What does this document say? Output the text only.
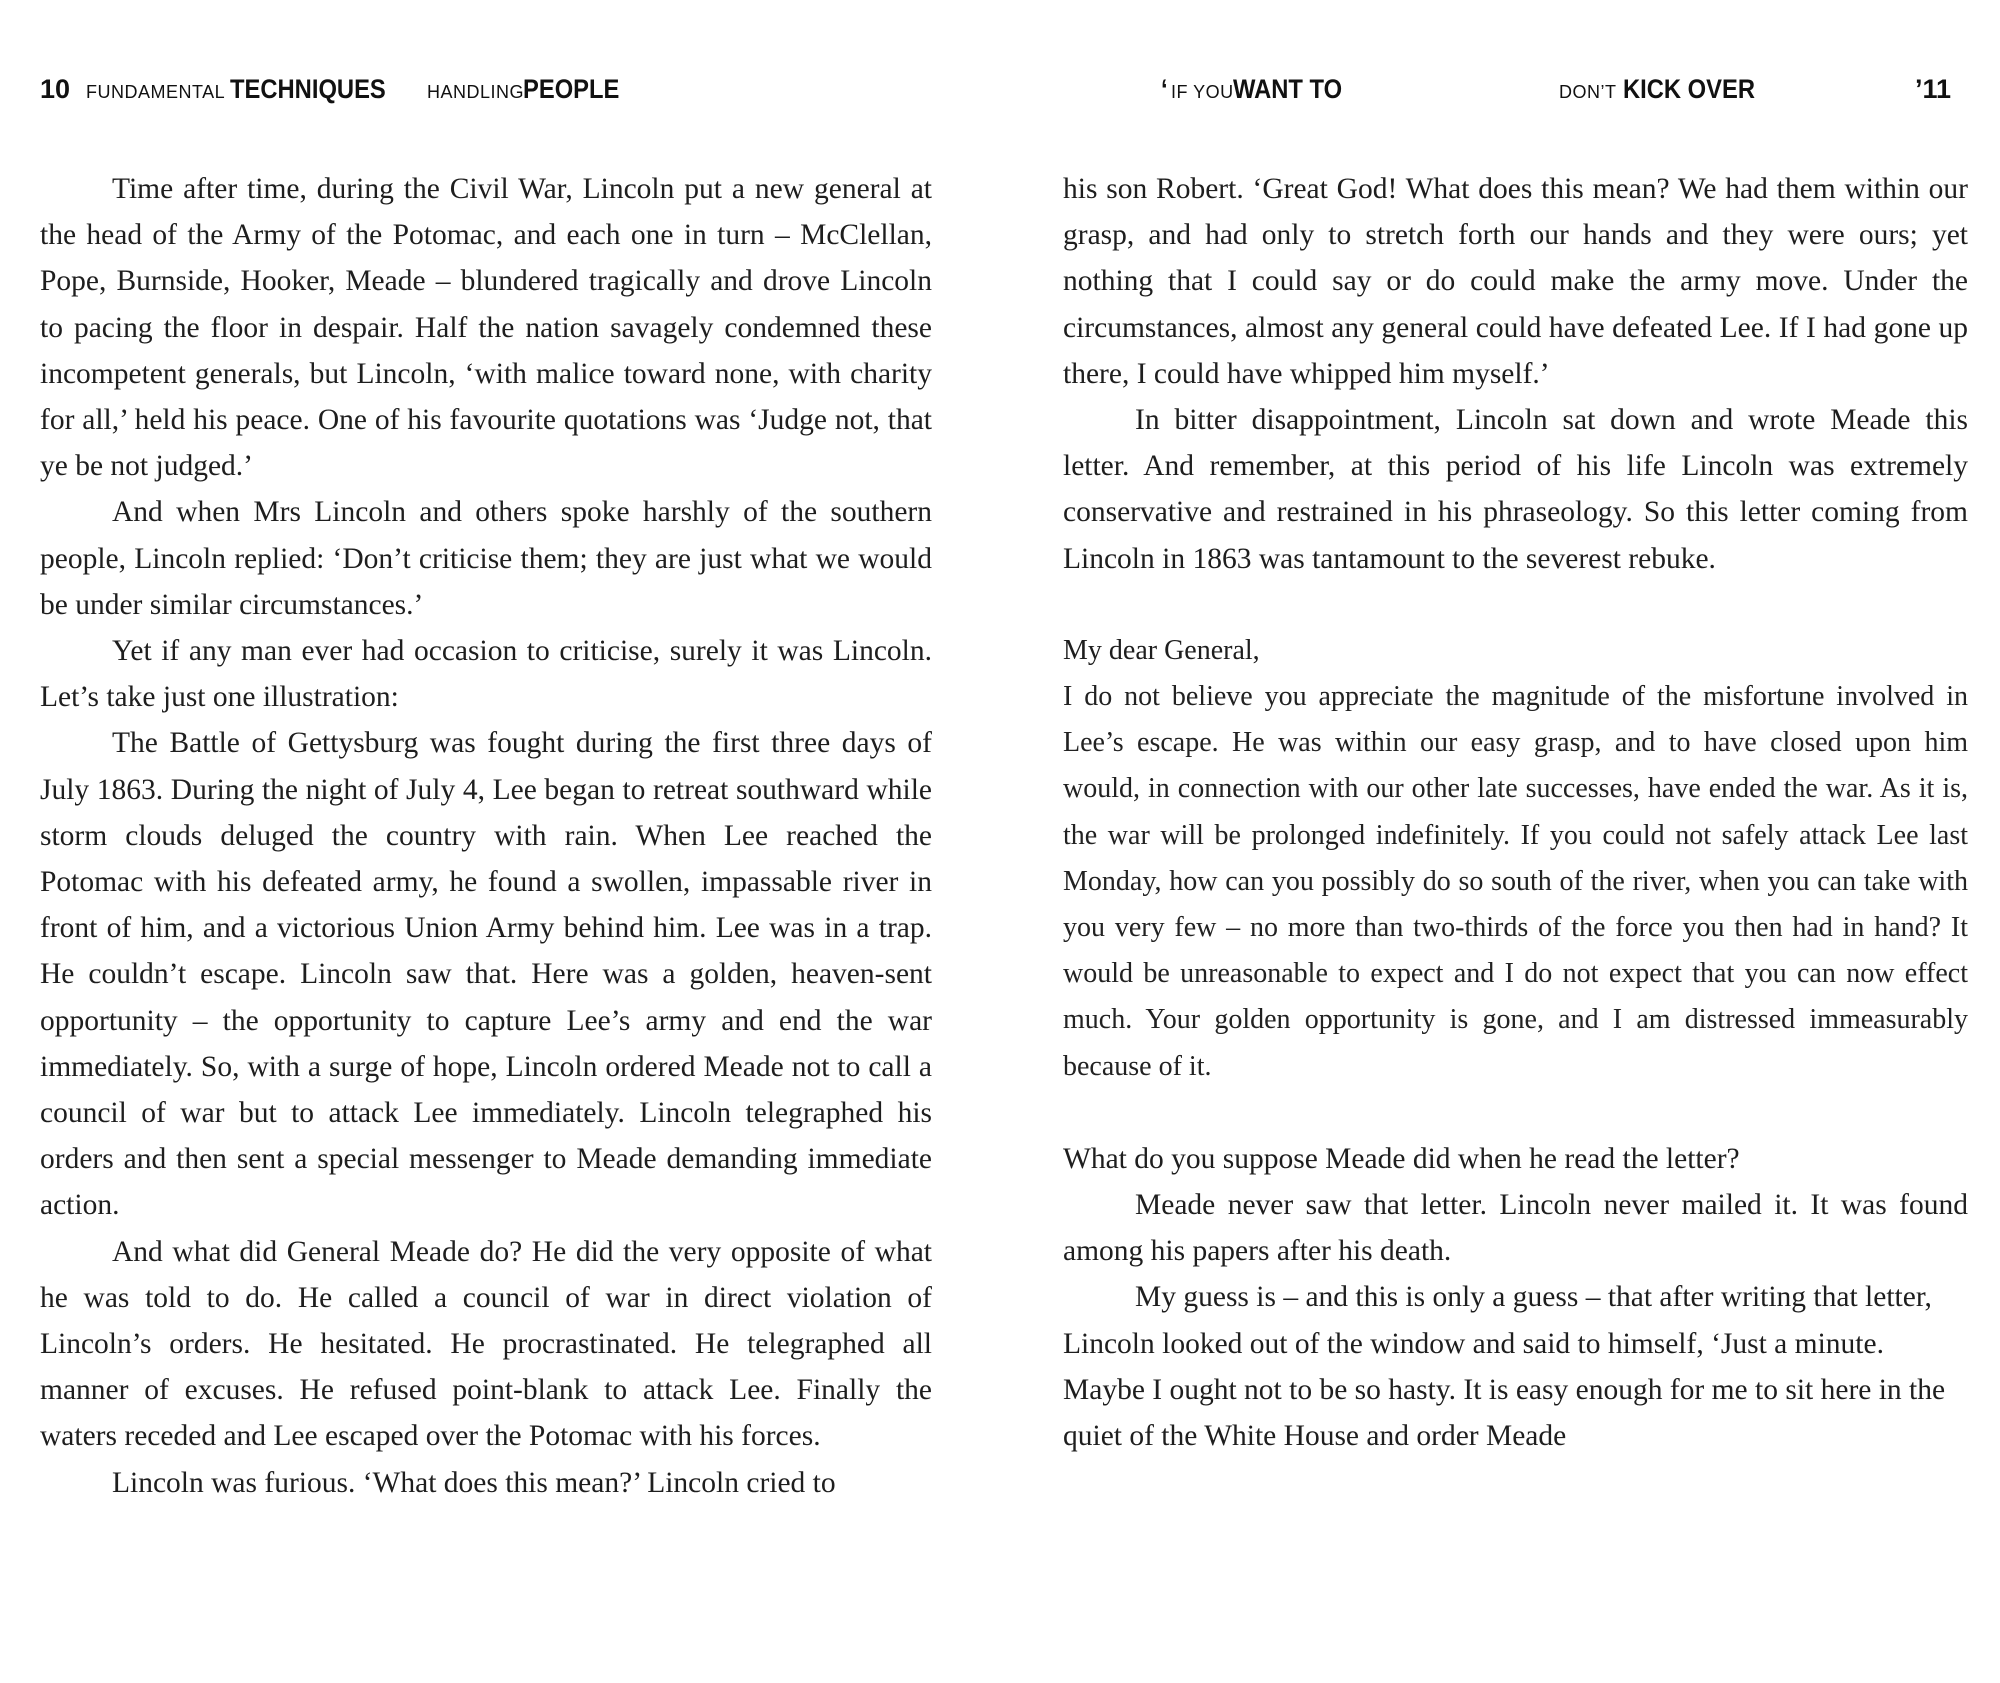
10 FUNDAMENTAL TECHNIQUES HANDLING
PEOPLE

Time after time, during the Civil War, Lincoln put a new general at the head of the Army of the Potomac, and each one in turn – McClellan, Pope, Burnside, Hooker, Meade – blundered tragically and drove Lincoln to pacing the floor in despair. Half the nation savagely condemned these incompetent generals, but Lincoln, ‘with malice toward none, with charity for all,’ held his peace. One of his favourite quotations was ‘Judge not, that ye be not judged.’

And when Mrs Lincoln and others spoke harshly of the southern people, Lincoln replied: ‘Don’t criticise them; they are just what we would be under similar circumstances.’

Yet if any man ever had occasion to criticise, surely it was Lincoln. Let’s take just one illustration:

The Battle of Gettysburg was fought during the first three days of July 1863. During the night of July 4, Lee began to retreat southward while storm clouds deluged the country with rain. When Lee reached the Potomac with his defeated army, he found a swollen, impassable river in front of him, and a victorious Union Army behind him. Lee was in a trap. He couldn’t escape. Lincoln saw that. Here was a golden, heaven-sent opportunity – the opportunity to capture Lee’s army and end the war immediately. So, with a surge of hope, Lincoln ordered Meade not to call a council of war but to attack Lee immediately. Lincoln telegraphed his orders and then sent a special messenger to Meade demanding immediate action.

And what did General Meade do? He did the very opposite of what he was told to do. He called a council of war in direct violation of Lincoln’s orders. He hesitated. He procrastinated. He telegraphed all manner of excuses. He refused point-blank to attack Lee. Finally the waters receded and Lee escaped over the Potomac with his forces.

Lincoln was furious. ‘What does this mean?’ Lincoln cried to

‘ IF YOU WANT TO	DON’T KICK OVER	’11

his son Robert. ‘Great God! What does this mean? We had them within our grasp, and had only to stretch forth our hands and they were ours; yet nothing that I could say or do could make the army move. Under the circumstances, almost any general could have defeated Lee. If I had gone up there, I could have whipped him myself.’

In bitter disappointment, Lincoln sat down and wrote Meade this letter. And remember, at this period of his life Lincoln was extremely conservative and restrained in his phraseology. So this letter coming from Lincoln in 1863 was tantamount to the severest rebuke.

My dear General,

I do not believe you appreciate the magnitude of the misfortune involved in Lee’s escape. He was within our easy grasp, and to have closed upon him would, in connection with our other late successes, have ended the war. As it is, the war will be prolonged indefinitely. If you could not safely attack Lee last Monday, how can you possibly do so south of the river, when you can take with you very few – no more than two-thirds of the force you then had in hand? It would be unreasonable to expect and I do not expect that you can now effect much. Your golden opportunity is gone, and I am distressed immeasurably because of it.

What do you suppose Meade did when he read the letter?

Meade never saw that letter. Lincoln never mailed it. It was found among his papers after his death.

My guess is – and this is only a guess – that after writing that letter, Lincoln looked out of the window and said to himself, ‘Just a minute. Maybe I ought not to be so hasty. It is easy enough for me to sit here in the quiet of the White House and order Meade
